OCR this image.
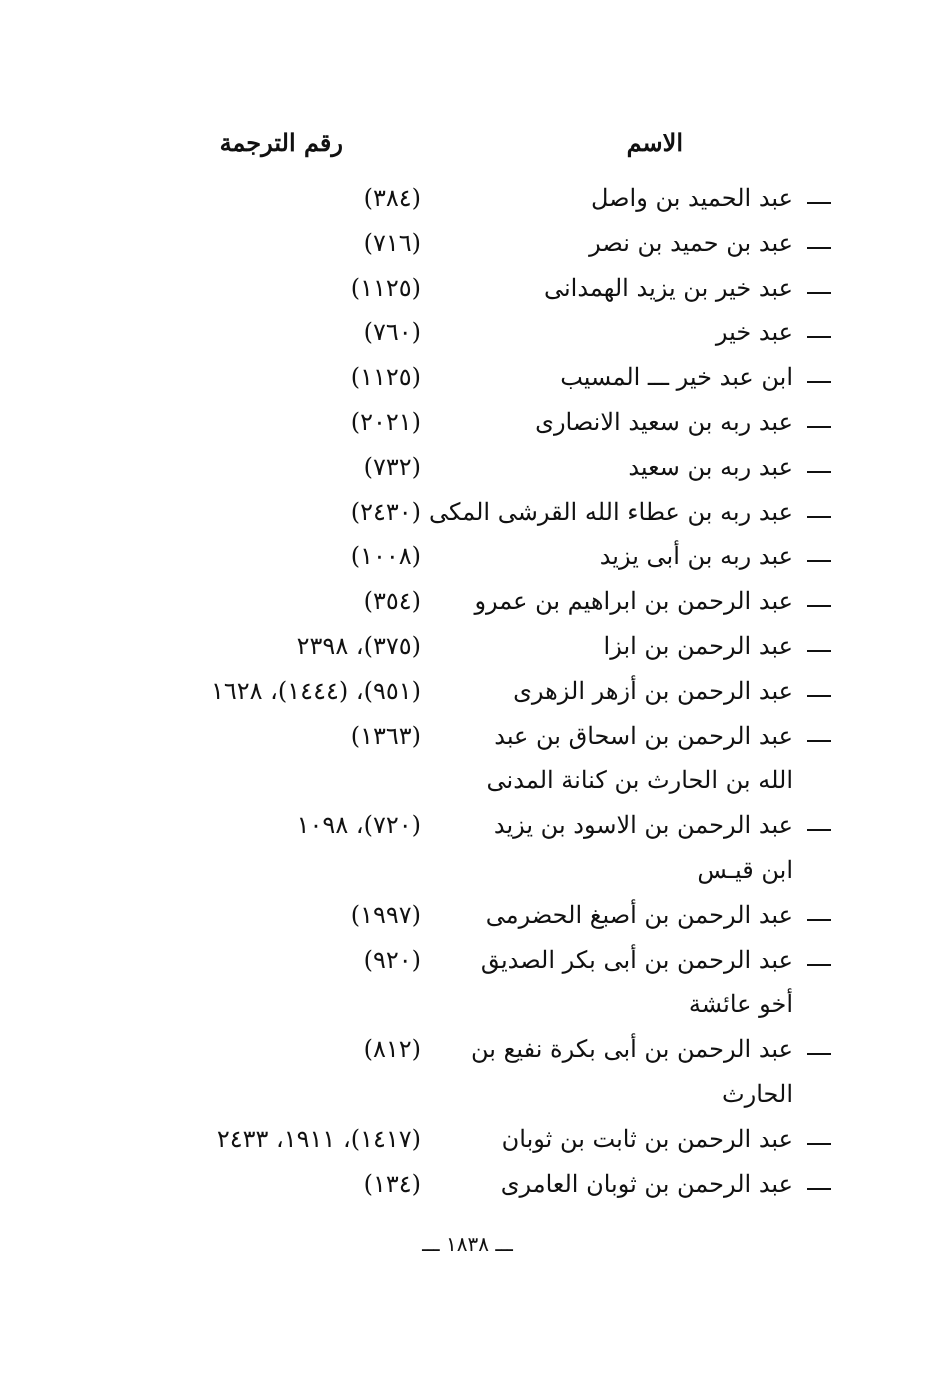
الاسم
رقم الترجمة
عبد الحميد بن واصل
(٣٨٤)
عبد بن حميد بن نصر
(٧١٦)
عبد خير بن يزيد الهمدانى
(١١٢٥)
عبد خير
(٧٦٠)
ابن عبد خير ـــ المسيب
(١١٢٥)
عبد ربه بن سعيد الانصارى
(٢٠٢١)
عبد ربه بن سعيد
(٧٣٢)
عبد ربه بن عطاء الله القرشى المكى
(٢٤٣٠)
عبد ربه بن أبى يزيد
(١٠٠٨)
عبد الرحمن بن ابراهيم بن عمرو
(٣٥٤)
عبد الرحمن بن ابزا
(٣٧٥)، ٢٣٩٨
عبد الرحمن بن أزهر الزهرى
(٩٥١)، (١٤٤٤)، ١٦٢٨
عبد الرحمن بن اسحاق بن عبد
(١٣٦٣)
الله بن الحارث بن كنانة المدنى
عبد الرحمن بن الاسود بن يزيد
(٧٢٠)، ١٠٩٨
ابن قيـس
عبد الرحمن بن أصبغ الحضرمى
(١٩٩٧)
عبد الرحمن بن أبى بكر الصديق
(٩٢٠)
أخو عائشة
عبد الرحمن بن أبى بكرة نفيع بن
(٨١٢)
الحارث
عبد الرحمن بن ثابت بن ثوبان
(١٤١٧)، ١٩١١، ٢٤٣٣
عبد الرحمن بن ثوبان العامرى
(١٣٤)
ـــ ١٨٣٨ ـــ
